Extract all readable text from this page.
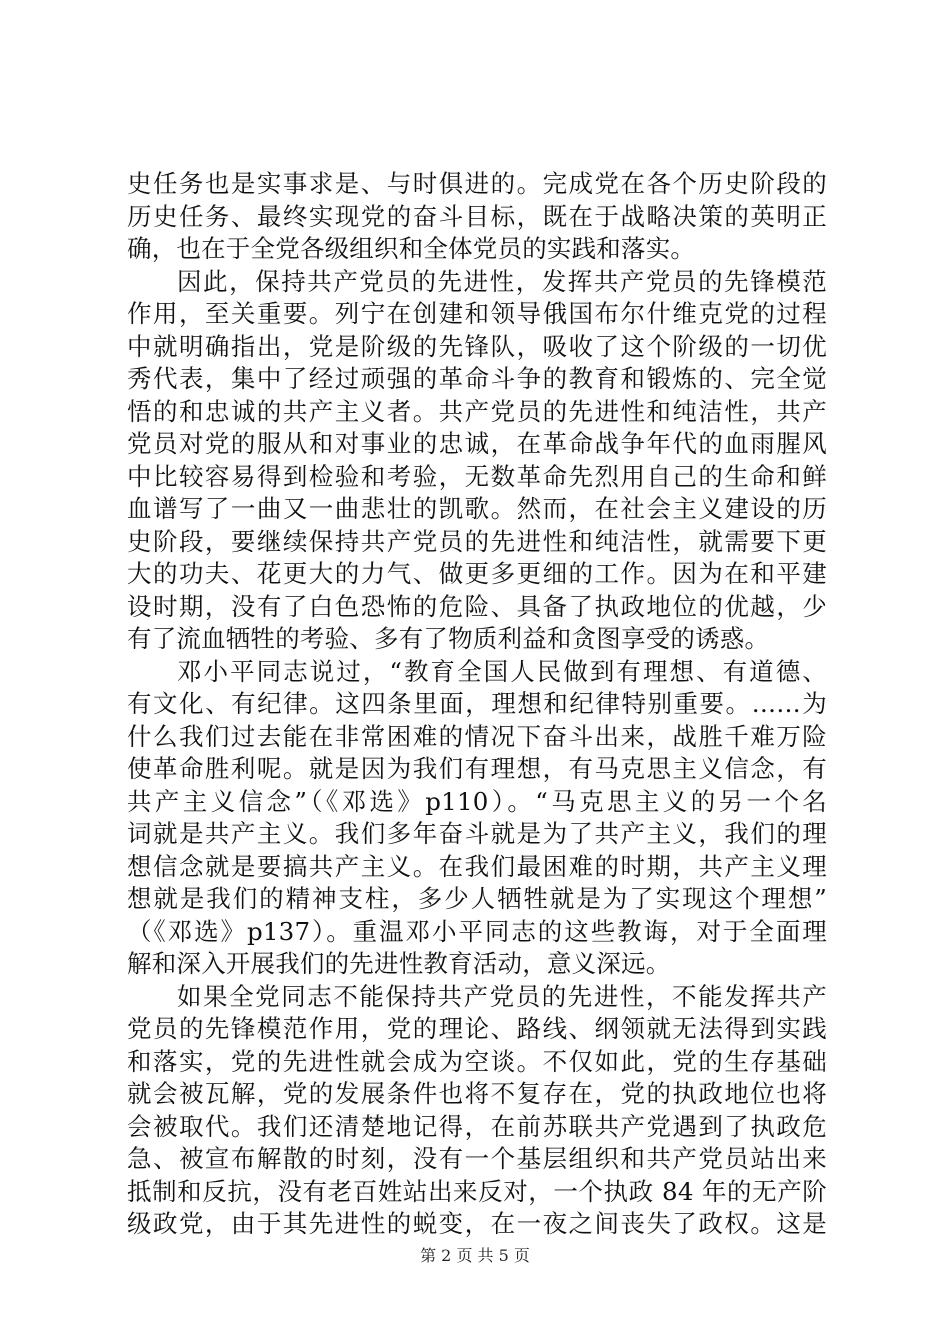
史任务也是实事求是、与时俱进的。完成党在各个历史阶段的
历史任务、最终实现党的奋斗目标，既在于战略决策的英明正
确，也在于全党各级组织和全体党员的实践和落实。
因此，保持共产党员的先进性，发挥共产党员的先锋模范
作用，至关重要。列宁在创建和领导俄国布尔什维克党的过程
中就明确指出，党是阶级的先锋队，吸收了这个阶级的一切优
秀代表，集中了经过顽强的革命斗争的教育和锻炼的、完全觉
悟的和忠诚的共产主义者。共产党员的先进性和纯洁性，共产
党员对党的服从和对事业的忠诚，在革命战争年代的血雨腥风
中比较容易得到检验和考验，无数革命先烈用自己的生命和鲜
血谱写了一曲又一曲悲壮的凯歌。然而，在社会主义建设的历
史阶段，要继续保持共产党员的先进性和纯洁性，就需要下更
大的功夫、花更大的力气、做更多更细的工作。因为在和平建
设时期，没有了白色恐怖的危险、具备了执政地位的优越，少
有了流血牺牲的考验、多有了物质利益和贪图享受的诱惑。
邓小平同志说过，“教育全国人民做到有理想、有道德、
有文化、有纪律。这四条里面，理想和纪律特别重要。……为
什么我们过去能在非常困难的情况下奋斗出来，战胜千难万险
使革命胜利呢。就是因为我们有理想，有马克思主义信念，有
共产主义信念”（《邓选》p110）。“马克思主义的另一个名
词就是共产主义。我们多年奋斗就是为了共产主义，我们的理
想信念就是要搞共产主义。在我们最困难的时期，共产主义理
想就是我们的精神支柱，多少人牺牲就是为了实现这个理想”
（《邓选》p137）。重温邓小平同志的这些教诲，对于全面理
解和深入开展我们的先进性教育活动，意义深远。
如果全党同志不能保持共产党员的先进性，不能发挥共产
党员的先锋模范作用，党的理论、路线、纲领就无法得到实践
和落实，党的先进性就会成为空谈。不仅如此，党的生存基础
就会被瓦解，党的发展条件也将不复存在，党的执政地位也将
会被取代。我们还清楚地记得，在前苏联共产党遇到了执政危
急、被宣布解散的时刻，没有一个基层组织和共产党员站出来
抵制和反抗，没有老百姓站出来反对，一个执政 84 年的无产阶
级政党，由于其先进性的蜕变，在一夜之间丧失了政权。这是
第 2 页 共 5 页
